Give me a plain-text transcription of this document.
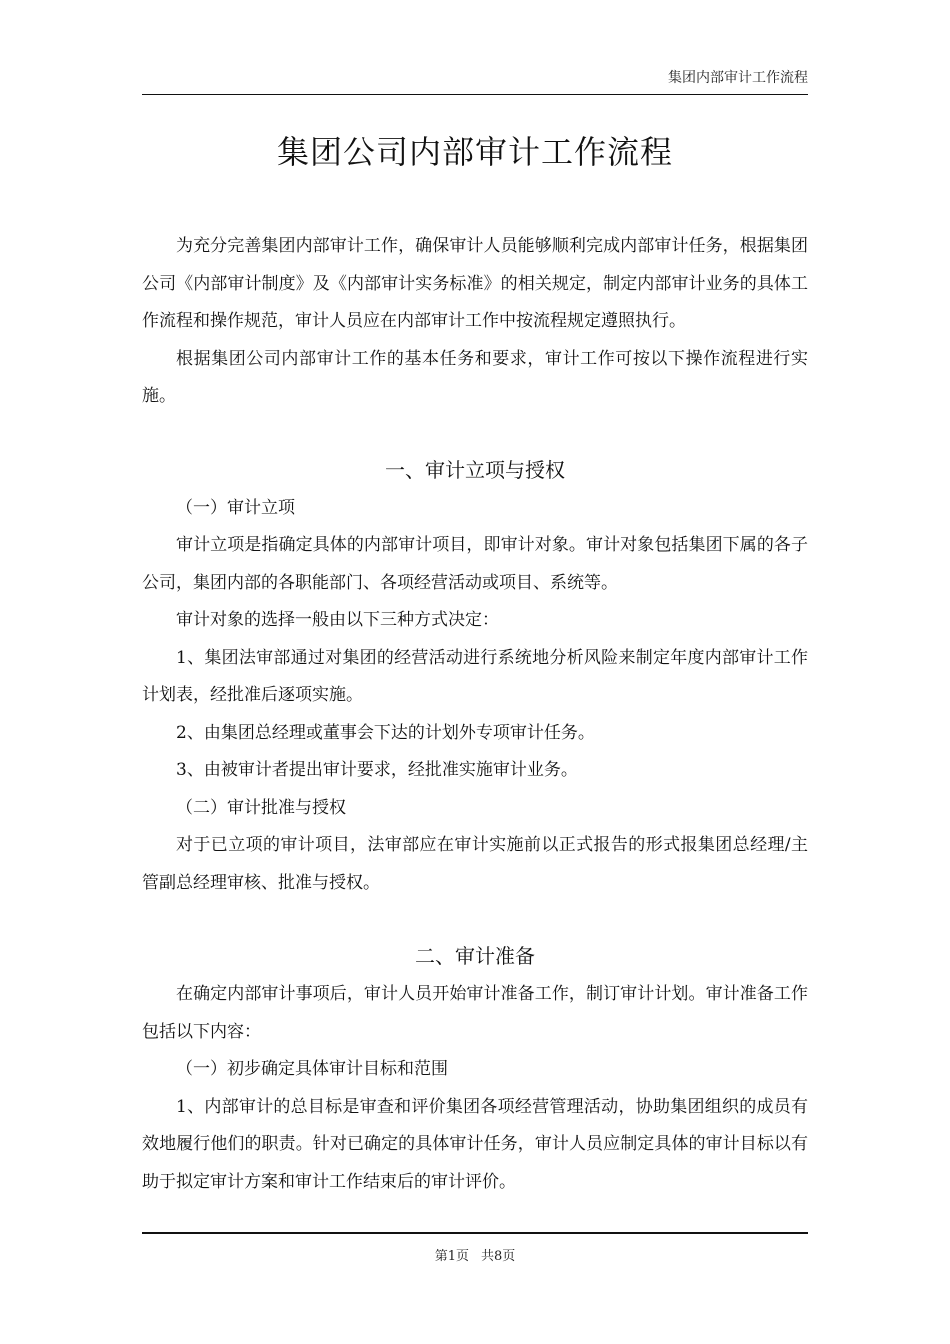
集团内部审计工作流程
集团公司内部审计工作流程

为充分完善集团内部审计工作，确保审计人员能够顺利完成内部审计任务，根据集团公司《内部审计制度》及《内部审计实务标准》的相关规定，制定内部审计业务的具体工作流程和操作规范，审计人员应在内部审计工作中按流程规定遵照执行。

根据集团公司内部审计工作的基本任务和要求，审计工作可按以下操作流程进行实施。

一、审计立项与授权

（一）审计立项

审计立项是指确定具体的内部审计项目，即审计对象。审计对象包括集团下属的各子公司，集团内部的各职能部门、各项经营活动或项目、系统等。

审计对象的选择一般由以下三种方式决定：

1、集团法审部通过对集团的经营活动进行系统地分析风险来制定年度内部审计工作计划表，经批准后逐项实施。

2、由集团总经理或董事会下达的计划外专项审计任务。

3、由被审计者提出审计要求，经批准实施审计业务。

（二）审计批准与授权

对于已立项的审计项目，法审部应在审计实施前以正式报告的形式报集团总经理/主管副总经理审核、批准与授权。

二、审计准备

在确定内部审计事项后，审计人员开始审计准备工作，制订审计计划。审计准备工作包括以下内容：

（一）初步确定具体审计目标和范围

1、内部审计的总目标是审查和评价集团各项经营管理活动，协助集团组织的成员有效地履行他们的职责。针对已确定的具体审计任务，审计人员应制定具体的审计目标以有助于拟定审计方案和审计工作结束后的审计评价。

第1页 共8页
